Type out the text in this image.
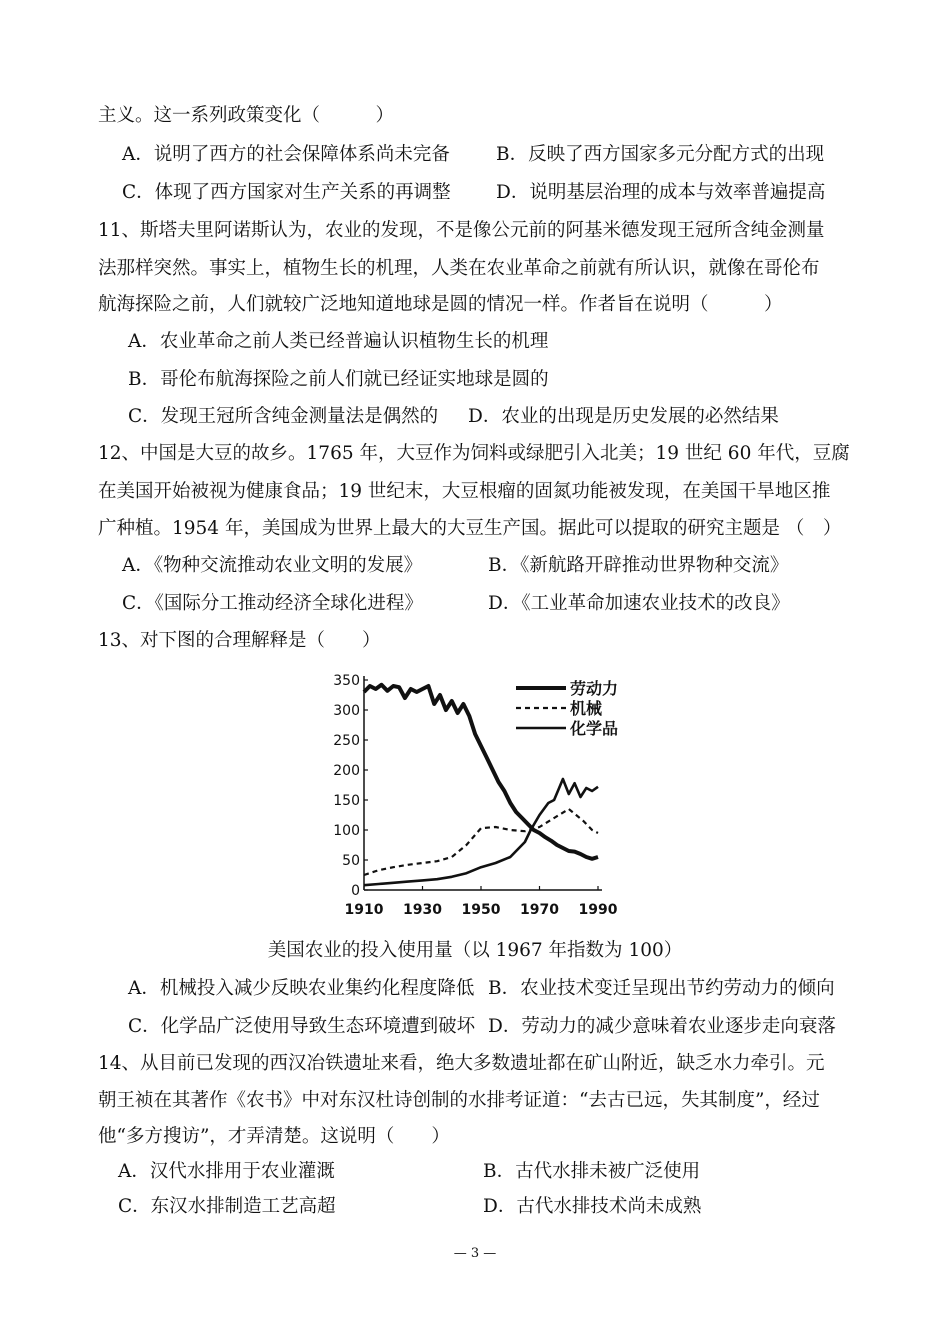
主义。这一系列政策变化（　　　）
A．说明了西方的社会保障体系尚未完备 B．反映了西方国家多元分配方式的出现
C．体现了西方国家对生产关系的再调整 D．说明基层治理的成本与效率普遍提高
11、斯塔夫里阿诺斯认为，农业的发现，不是像公元前的阿基米德发现王冠所含纯金测量
法那样突然。事实上，植物生长的机理，人类在农业革命之前就有所认识，就像在哥伦布
航海探险之前，人们就较广泛地知道地球是圆的情况一样。作者旨在说明（　　　）
A．农业革命之前人类已经普遍认识植物生长的机理
B．哥伦布航海探险之前人们就已经证实地球是圆的
C．发现王冠所含纯金测量法是偶然的 D．农业的出现是历史发展的必然结果
12、中国是大豆的故乡。1765 年，大豆作为饲料或绿肥引入北美；19 世纪 60 年代，豆腐
在美国开始被视为健康食品；19 世纪末，大豆根瘤的固氮功能被发现，在美国干旱地区推
广种植。1954 年，美国成为世界上最大的大豆生产国。据此可以提取的研究主题是 （　）
A．《物种交流推动农业文明的发展》	B．《新航路开辟推动世界物种交流》
C．《国际分工推动经济全球化进程》	D．《工业革命加速农业技术的改良》
13、对下图的合理解释是（　　）
0
50
100
150
200
250
300
350
1910 1930 1950 1970 1990
劳动力
机械
化学品
美国农业的投入使用量（以 1967 年指数为 100）
A．机械投入减少反映农业集约化程度降低 B．农业技术变迁呈现出节约劳动力的倾向
C．化学品广泛使用导致生态环境遭到破坏 D．劳动力的减少意味着农业逐步走向衰落
14、从目前已发现的西汉冶铁遗址来看，绝大多数遗址都在矿山附近，缺乏水力牵引。元
朝王祯在其著作《农书》中对东汉杜诗创制的水排考证道：“去古已远，失其制度”，经过
他“多方搜访”，才弄清楚。这说明（　　）
A．汉代水排用于农业灌溉	B．古代水排未被广泛使用
C．东汉水排制造工艺高超	D．古代水排技术尚未成熟
— 3 —
